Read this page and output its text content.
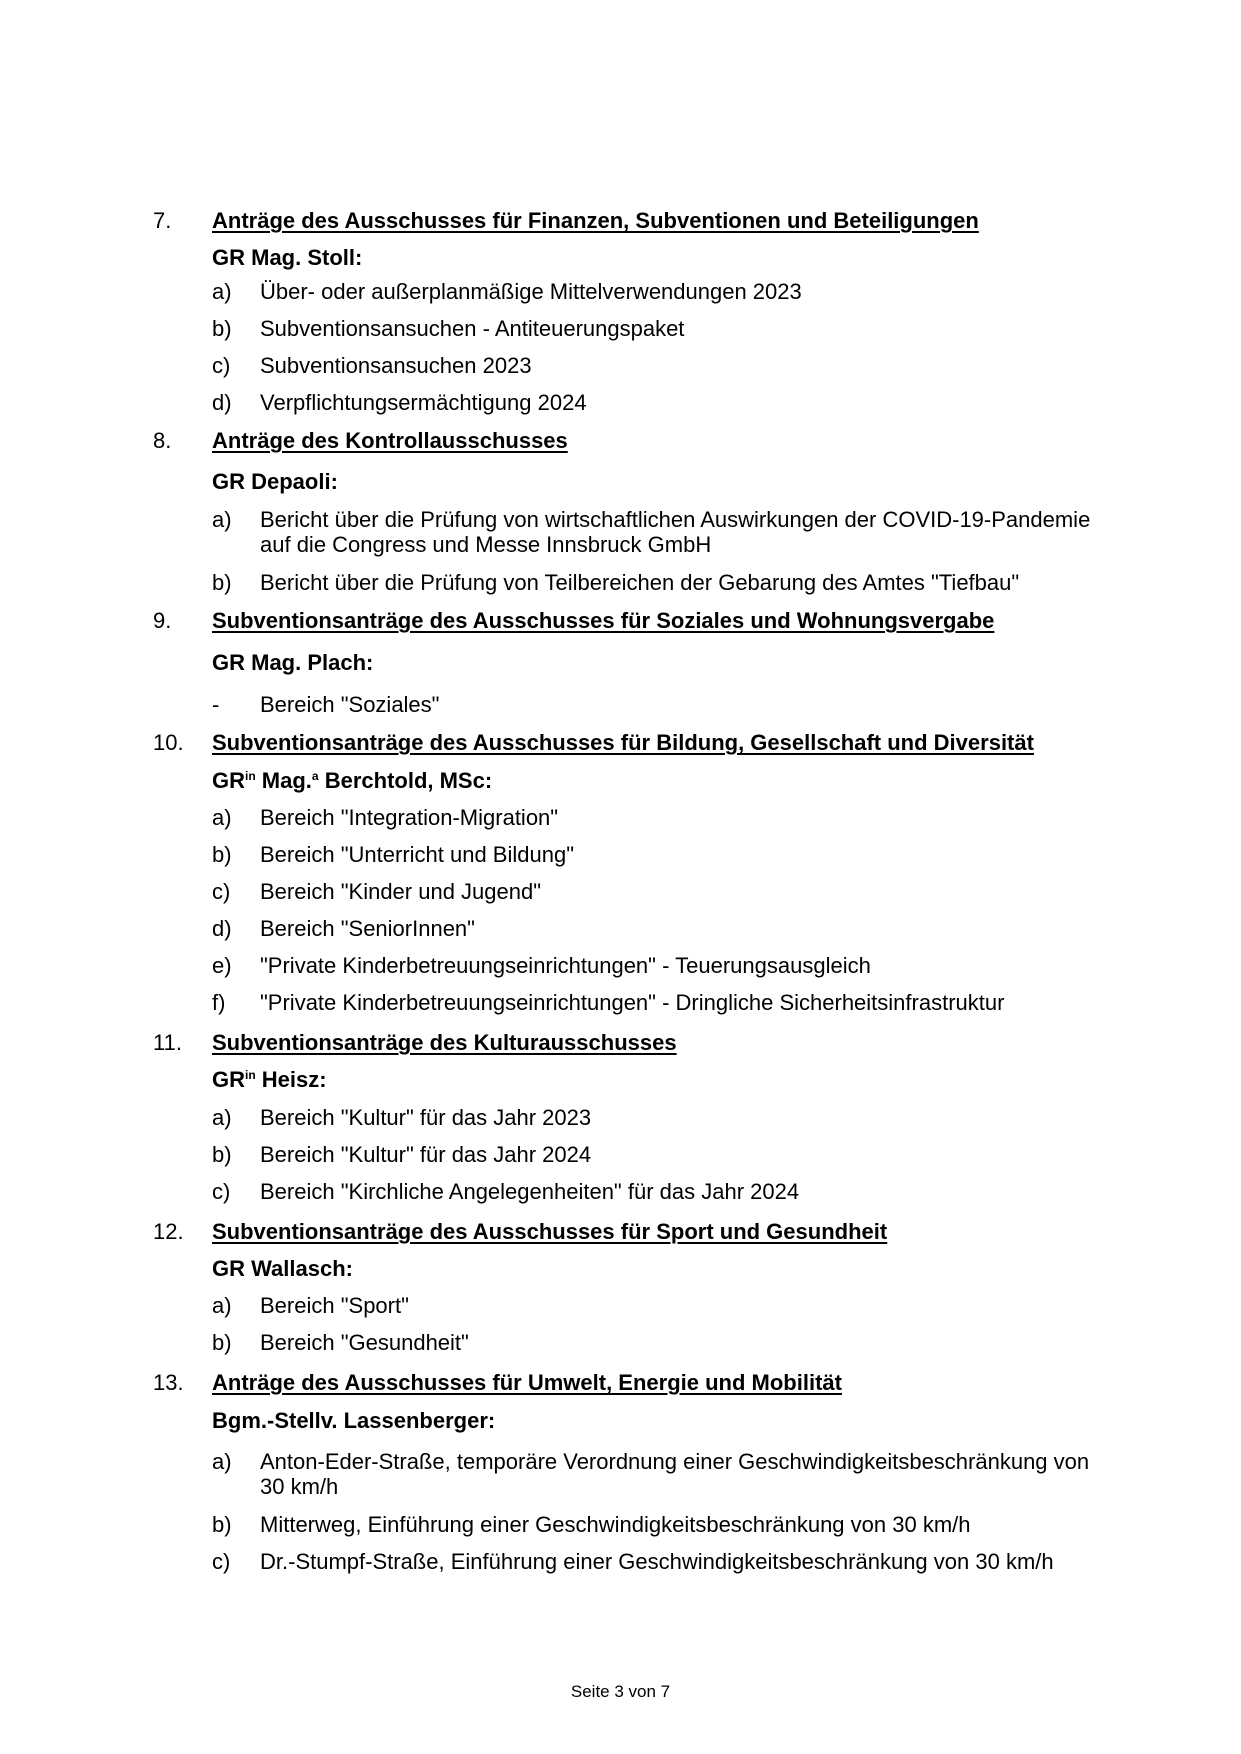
7. Anträge des Ausschusses für Finanzen, Subventionen und Beteiligungen
GR Mag. Stoll:
a) Über- oder außerplanmäßige Mittelverwendungen 2023
b) Subventionsansuchen - Antiteuerungspaket
c) Subventionsansuchen 2023
d) Verpflichtungsermächtigung 2024
8. Anträge des Kontrollausschusses
GR Depaoli:
a) Bericht über die Prüfung von wirtschaftlichen Auswirkungen der COVID-19-Pandemie
auf die Congress und Messe Innsbruck GmbH
b) Bericht über die Prüfung von Teilbereichen der Gebarung des Amtes "Tiefbau"
9. Subventionsanträge des Ausschusses für Soziales und Wohnungsvergabe
GR Mag. Plach:
- Bereich "Soziales"
10. Subventionsanträge des Ausschusses für Bildung, Gesellschaft und Diversität
$GR^{in}$ Mag.$^a$ Berchtold, MSc:
a) Bereich "Integration-Migration"
b) Bereich "Unterricht und Bildung"
c) Bereich "Kinder und Jugend"
d) Bereich "SeniorInnen"
e) "Private Kinderbetreuungseinrichtungen" - Teuerungsausgleich
f) "Private Kinderbetreuungseinrichtungen" - Dringliche Sicherheitsinfrastruktur
11. Subventionsanträge des Kulturausschusses
$GR^{in}$ Heisz:
a) Bereich "Kultur" für das Jahr 2023
b) Bereich "Kultur" für das Jahr 2024
c) Bereich "Kirchliche Angelegenheiten" für das Jahr 2024
12. Subventionsanträge des Ausschusses für Sport und Gesundheit
GR Wallasch:
a) Bereich "Sport"
b) Bereich "Gesundheit"
13. Anträge des Ausschusses für Umwelt, Energie und Mobilität
Bgm.-Stellv. Lassenberger:
a) Anton-Eder-Straße, temporäre Verordnung einer Geschwindigkeitsbeschränkung von
30 km/h
b) Mitterweg, Einführung einer Geschwindigkeitsbeschränkung von 30 km/h
c) Dr.-Stumpf-Straße, Einführung einer Geschwindigkeitsbeschränkung von 30 km/h
Seite 3 von 7
